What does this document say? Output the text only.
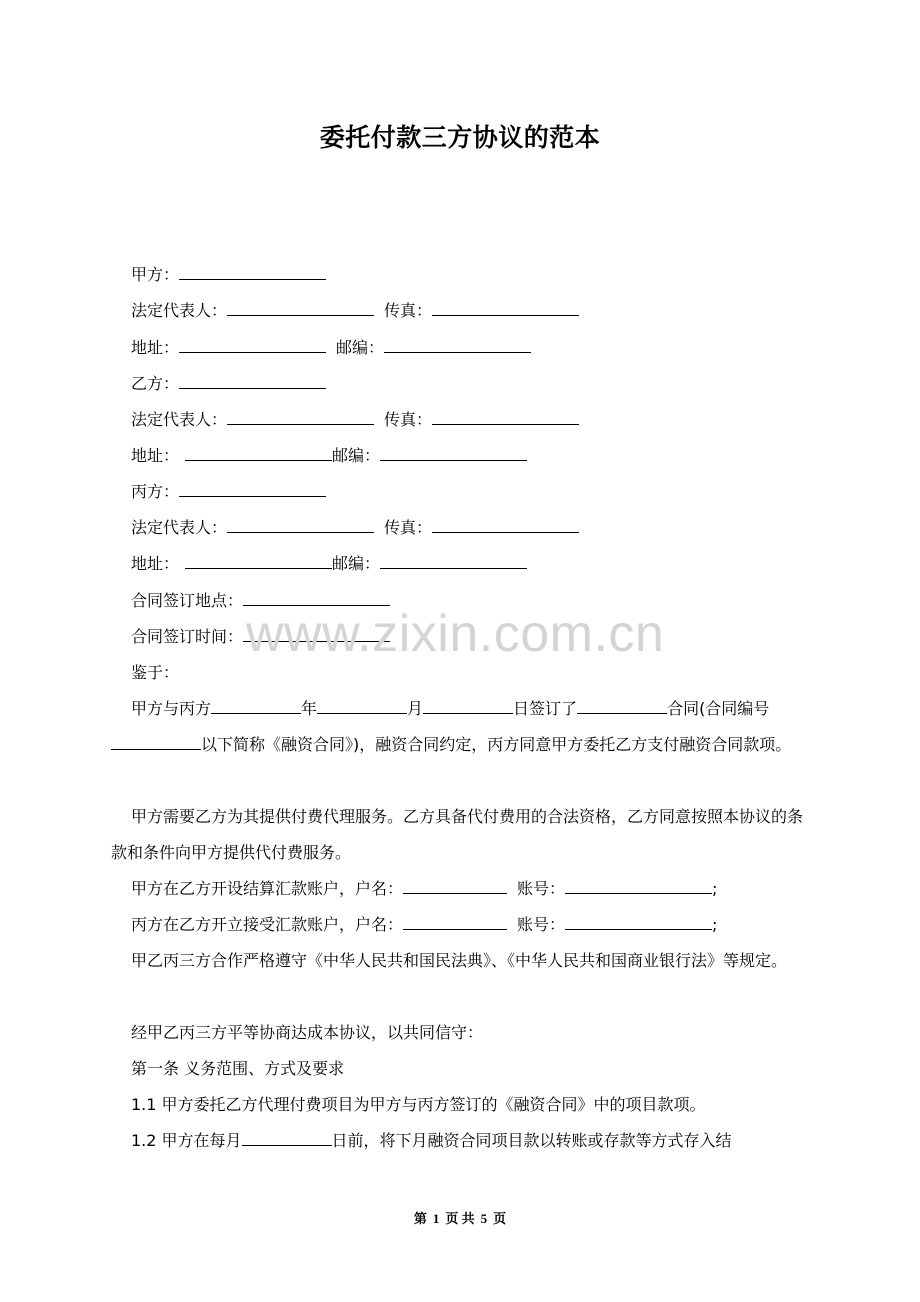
委托付款三方协议的范本
甲方：
法定代表人：	传真：
地址：	邮编：
乙方：
法定代表人：	传真：
地址：	邮编：
丙方：
法定代表人：	传真：
地址：	邮编：
合同签订地点：
合同签订时间： www.zixin.com.cn
鉴于：

甲方与丙方	年	月	日签订了	合同(合同编号以下简称《融资合同》)，融资合同约定，丙方同意甲方委托乙方支付融资合同款项。

甲方需要乙方为其提供付费代理服务。乙方具备代付费用的合法资格，乙方同意按照本协议的条款和条件向甲方提供代付费服务。

甲方在乙方开设结算汇款账户，户名：	账号：	;

丙方在乙方开立接受汇款账户，户名：	账号：	;

甲乙丙三方合作严格遵守《中华人民共和国民法典》、《中华人民共和国商业银行法》等规定。

经甲乙丙三方平等协商达成本协议，以共同信守：

第一条 义务范围、方式及要求

1.1 甲方委托乙方代理付费项目为甲方与丙方签订的《融资合同》中的项目款项。

1.2 甲方在每月	日前，将下月融资合同项目款以转账或存款等方式存入结

第 1 页 共 5 页
